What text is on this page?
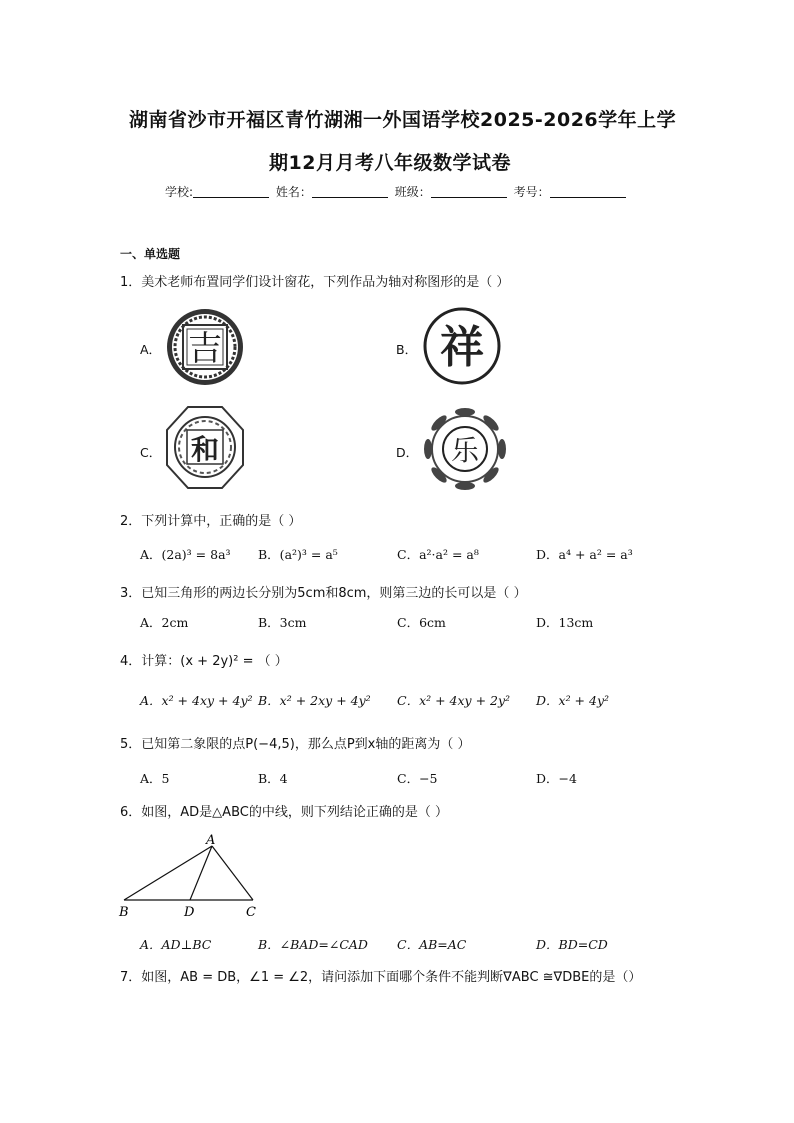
湖南省沙市开福区青竹湖湘一外国语学校2025-2026学年上学
期12月月考八年级数学试卷
学校:	姓名：	班级：	考号：
一、单选题
1．美术老师布置同学们设计窗花，下列作品为轴对称图形的是（ ）
A． 吉	B． 祥
C． 和	D． 乐
2．下列计算中，正确的是（ ）
A．(2a)³ = 8a³ B．(a²)³ = a⁵	C．a²·a² = a⁸	D．a⁴ + a² = a³
3．已知三角形的两边长分别为5cm和8cm，则第三边的长可以是（ ）
A．2cm	B．3cm	C．6cm	D．13cm
4．计算：(x + 2y)² = （ ）
A．x² + 4xy + 4y² B．x² + 2xy + 4y² C．x² + 4xy + 2y² D．x² + 4y²
5．已知第二象限的点P(−4,5)，那么点P到x轴的距离为（ ）
A．5	B．4	C．−5	D．−4
6．如图，AD是△ABC的中线，则下列结论正确的是（ ）
A
B	D	C
A．AD⊥BC	B．∠BAD=∠CAD C．AB=AC	D．BD=CD
7．如图，AB = DB，∠1 = ∠2，请问添加下面哪个条件不能判断∇ABC ≅∇DBE的是（）
